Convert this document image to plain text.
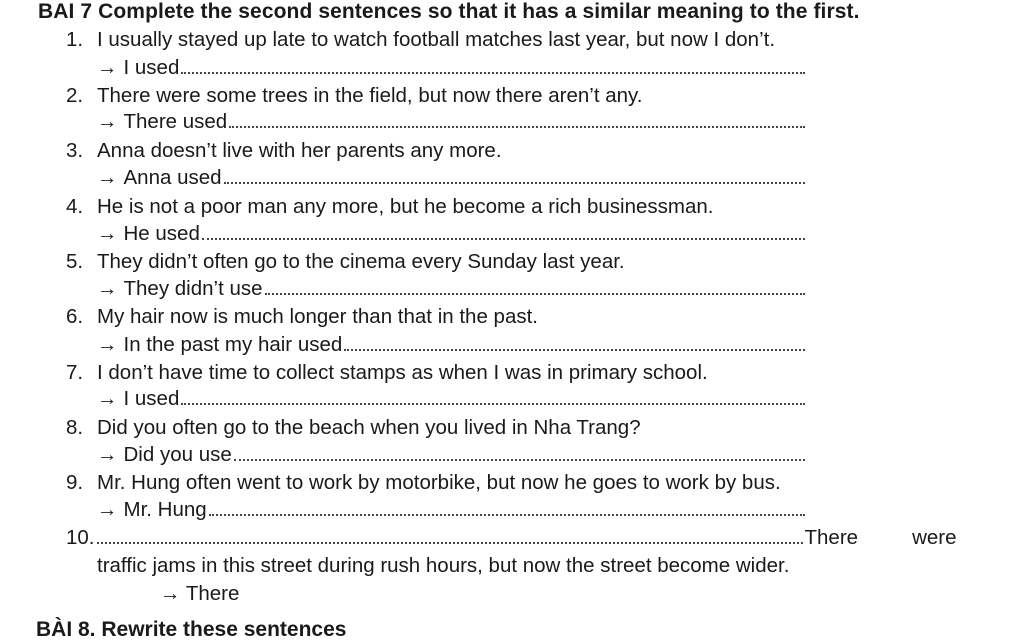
BAI 7 Complete the second sentences so that it has a similar meaning to the first.
1. I usually stayed up late to watch football matches last year, but now I don’t.
→ I used
2. There were some trees in the field, but now there aren’t any.
→ There used
3. Anna doesn’t live with her parents any more.
→ Anna used
4. He is not a poor man any more, but he become a rich businessman.
→ He used
5. They didn’t often go to the cinema every Sunday last year.
→ They didn’t use
6. My hair now is much longer than that in the past.
→ In the past my hair used
7. I don’t have time to collect stamps as when I was in primary school.
→ I used
8. Did you often go to the beach when you lived in Nha Trang?
→ Did you use
9. Mr. Hung often went to work by motorbike, but now he goes to work by bus.
→ Mr. Hung
10.	There	were
traffic jams in this street during rush hours, but now the street become wider.
→ There
BÀI 8. Rewrite these sentences
